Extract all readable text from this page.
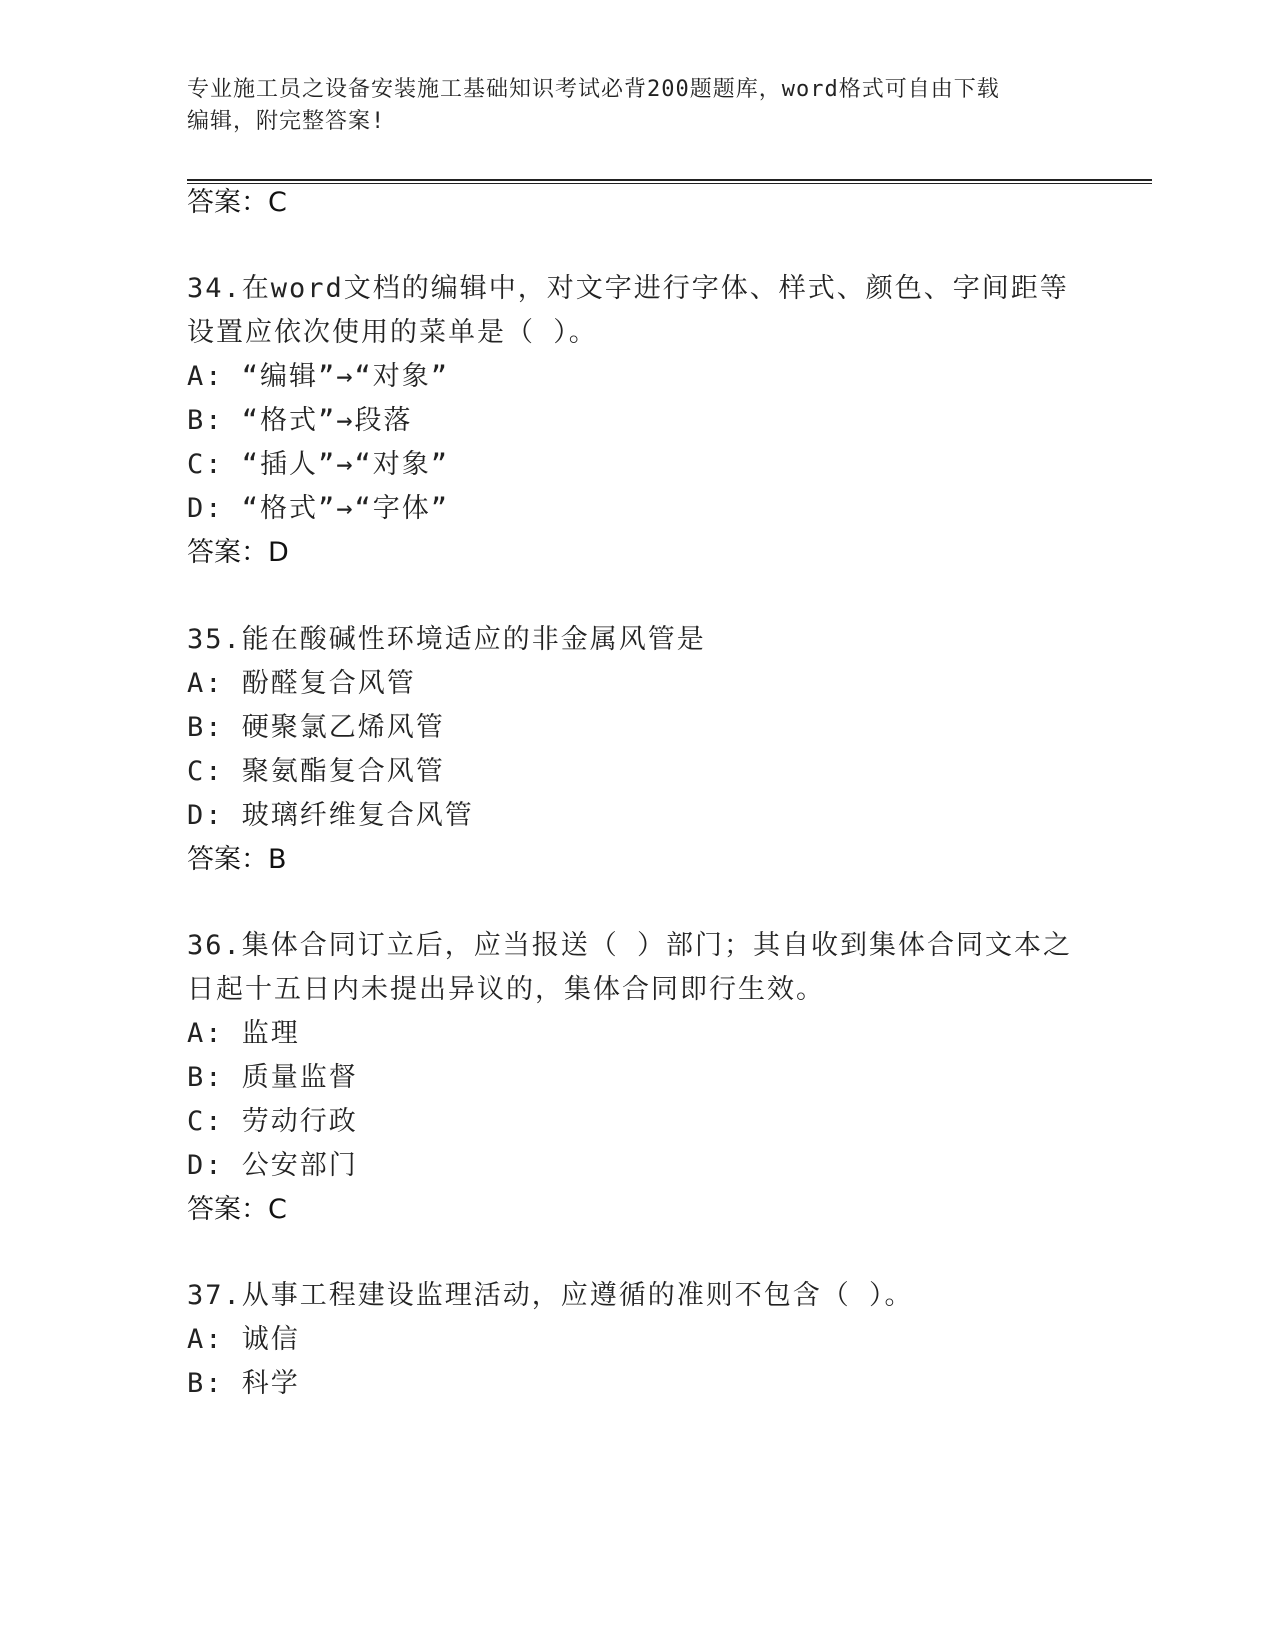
专业施工员之设备安装施工基础知识考试必背200题题库，word格式可自由下载
编辑，附完整答案!
答案：C
34.在word文档的编辑中，对文字进行字体、样式、颜色、字间距等
设置应依次使用的菜单是（ ）。
A: “编辑”→“对象”
B: “格式”→段落
C: “插人”→“对象”
D: “格式”→“字体”
答案：D
35.能在酸碱性环境适应的非金属风管是
A: 酚醛复合风管
B: 硬聚氯乙烯风管
C: 聚氨酯复合风管
D: 玻璃纤维复合风管
答案：B
36.集体合同订立后，应当报送（ ）部门；其自收到集体合同文本之
日起十五日内未提出异议的，集体合同即行生效。
A: 监理
B: 质量监督
C: 劳动行政
D: 公安部门
答案：C
37.从事工程建设监理活动，应遵循的准则不包含（ ）。
A: 诚信
B: 科学
